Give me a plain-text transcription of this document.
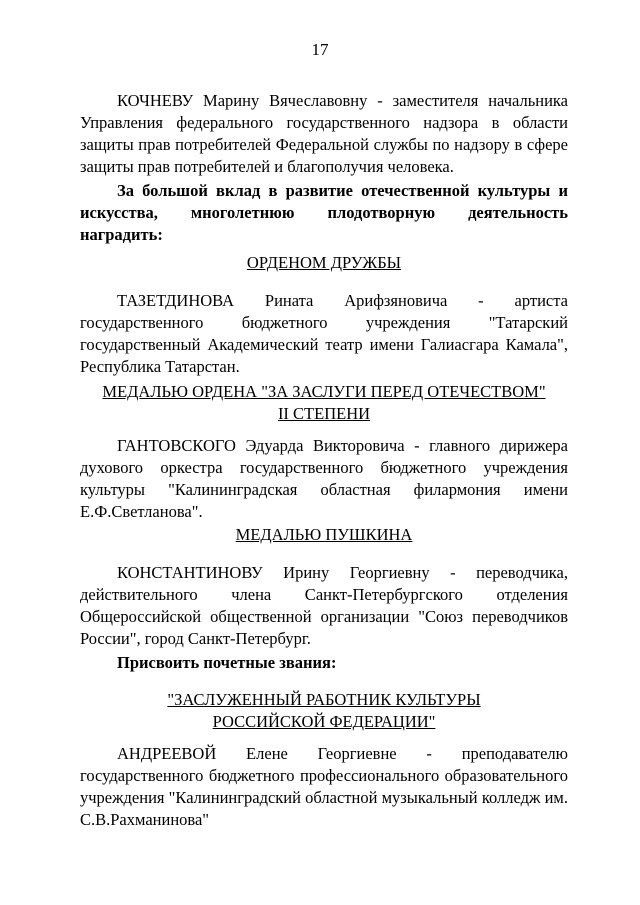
17

КОЧНЕВУ Марину Вячеславовну - заместителя начальника Управления федерального государственного надзора в области защиты прав потребителей Федеральной службы по надзору в сфере защиты прав потребителей и благополучия человека.

За большой вклад в развитие отечественной культуры и искусства, многолетнюю плодотворную деятельность наградить:

ОРДЕНОМ ДРУЖБЫ

ТАЗЕТДИНОВА Рината Арифзяновича - артиста государственного бюджетного учреждения "Татарский государственный Академический театр имени Галиасгара Камала", Республика Татарстан.

МЕДАЛЬЮ ОРДЕНА "ЗА ЗАСЛУГИ ПЕРЕД ОТЕЧЕСТВОМ"
II СТЕПЕНИ

ГАНТОВСКОГО Эдуарда Викторовича - главного дирижера духового оркестра государственного бюджетного учреждения культуры "Калининградская областная филармония имени Е.Ф.Светланова".

МЕДАЛЬЮ ПУШКИНА

КОНСТАНТИНОВУ Ирину Георгиевну - переводчика, действительного члена Санкт-Петербургского отделения Общероссийской общественной организации "Союз переводчиков России", город Санкт-Петербург.

Присвоить почетные звания:

"ЗАСЛУЖЕННЫЙ РАБОТНИК КУЛЬТУРЫ
РОССИЙСКОЙ ФЕДЕРАЦИИ"

АНДРЕЕВОЙ Елене Георгиевне - преподавателю государственного бюджетного профессионального образовательного учреждения "Калининградский областной музыкальный колледж им. С.В.Рахманинова"
